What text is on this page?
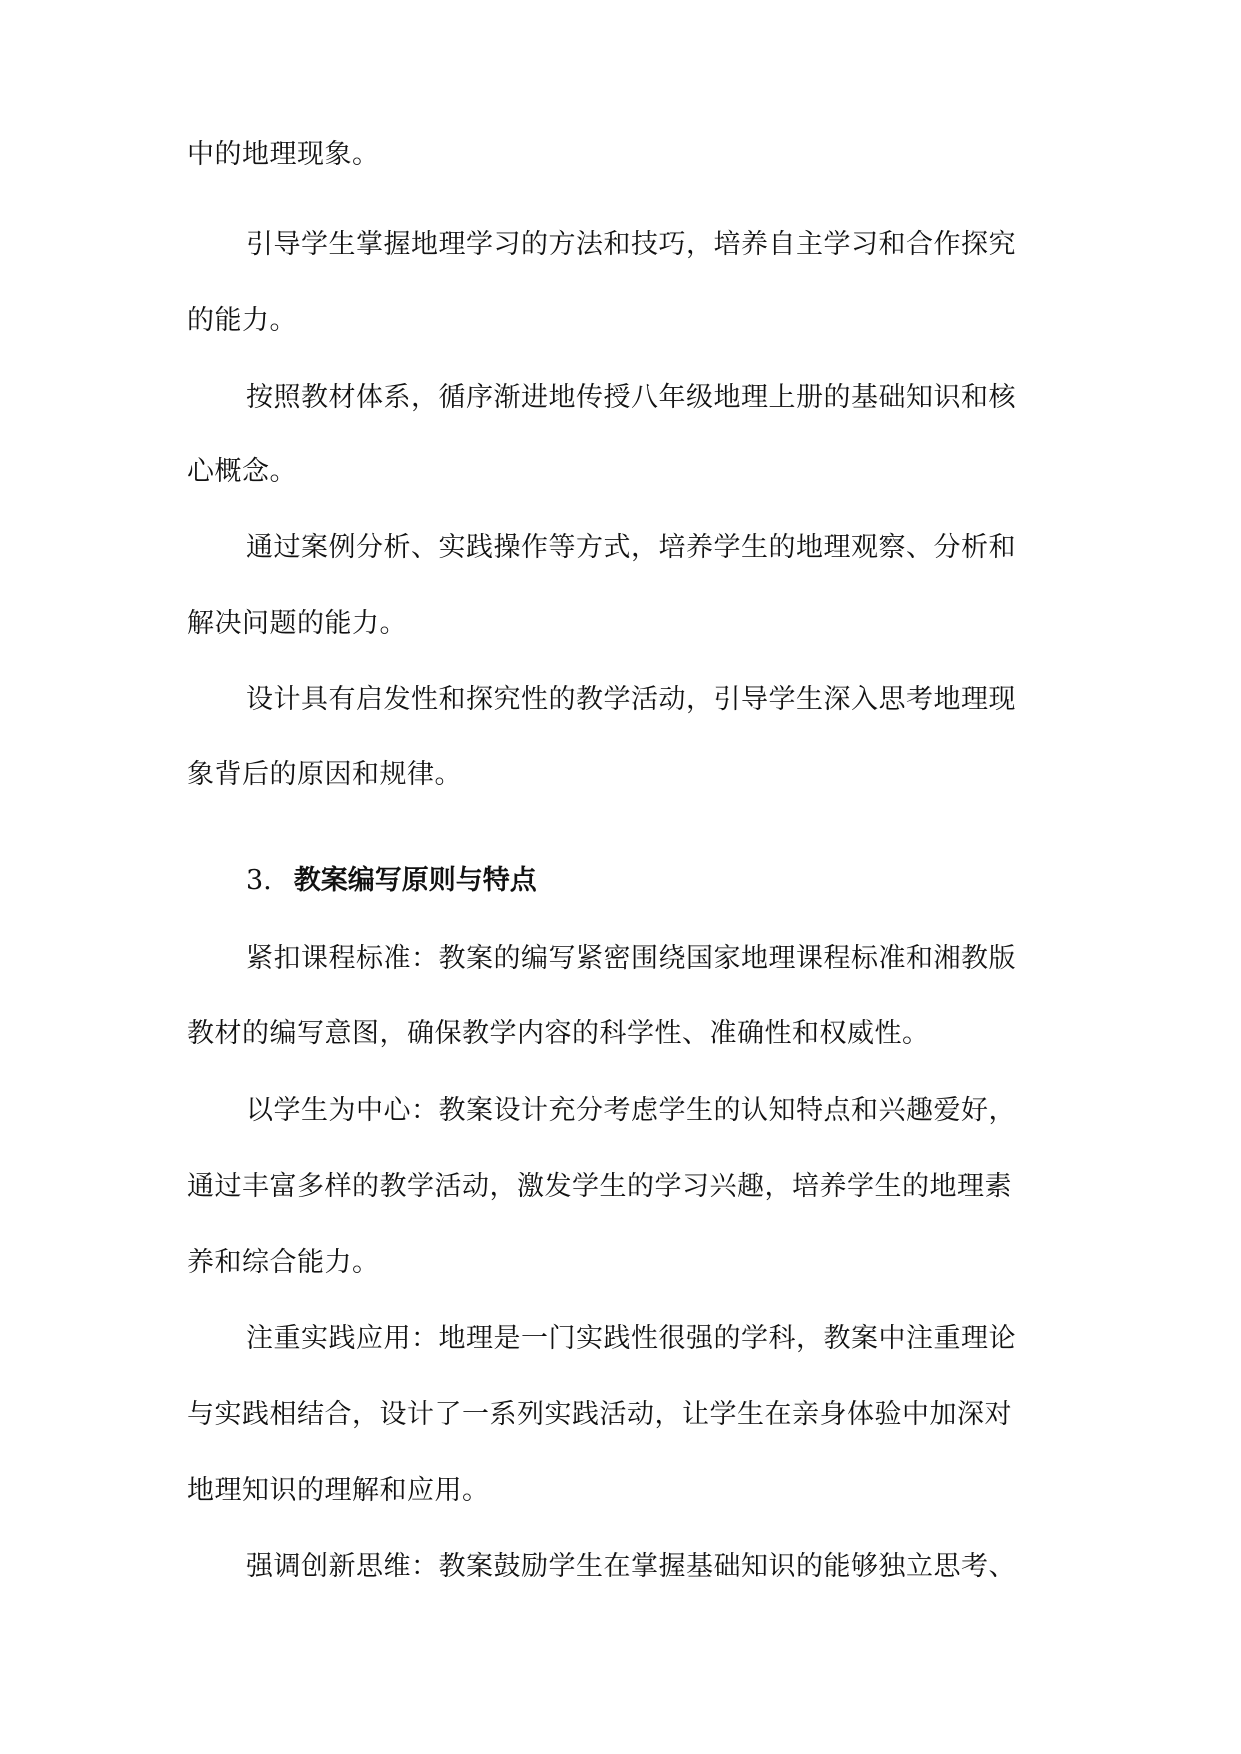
中的地理现象。
引导学生掌握地理学习的方法和技巧，培养自主学习和合作探究
的能力。
按照教材体系，循序渐进地传授八年级地理上册的基础知识和核
心概念。
通过案例分析、实践操作等方式，培养学生的地理观察、分析和
解决问题的能力。
设计具有启发性和探究性的教学活动，引导学生深入思考地理现
象背后的原因和规律。
3. 教案编写原则与特点
紧扣课程标准：教案的编写紧密围绕国家地理课程标准和湘教版
教材的编写意图，确保教学内容的科学性、准确性和权威性。
以学生为中心：教案设计充分考虑学生的认知特点和兴趣爱好，
通过丰富多样的教学活动，激发学生的学习兴趣，培养学生的地理素
养和综合能力。
注重实践应用：地理是一门实践性很强的学科，教案中注重理论
与实践相结合，设计了一系列实践活动，让学生在亲身体验中加深对
地理知识的理解和应用。
强调创新思维：教案鼓励学生在掌握基础知识的能够独立思考、
